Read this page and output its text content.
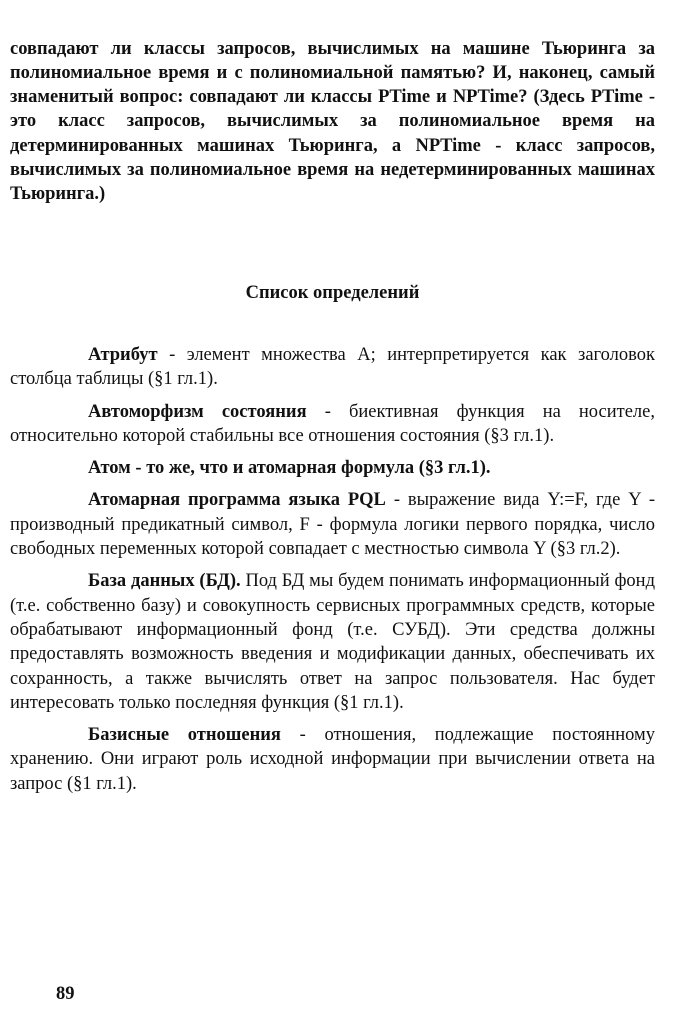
совпадают ли классы запросов, вычислимых на машине Тьюринга за полиномиальное время и с полиномиальной памятью? И, наконец, самый знаменитый вопрос: совпадают ли классы PTime и NPTime? (Здесь PTime - это класс запросов, вычислимых за полиномиальное время на детерминированных машинах Тьюринга, а NPTime - класс запросов, вычислимых за полиномиальное время на недетерминированных машинах Тьюринга.)

Список определений

Атрибут - элемент множества A; интерпретируется как заголовок столбца таблицы (§1 гл.1).

Автоморфизм состояния - биективная функция на носителе, относительно которой стабильны все отношения состояния (§3 гл.1).

Атом - то же, что и атомарная формула (§3 гл.1).

Атомарная программа языка PQL - выражение вида Y:=F, где Y - производный предикатный символ, F - формула логики первого порядка, число свободных переменных которой совпадает с местностью символа Y (§3 гл.2).

База данных (БД). Под БД мы будем понимать информационный фонд (т.е. собственно базу) и совокупность сервисных программных средств, которые обрабатывают информационный фонд (т.е. СУБД). Эти средства должны предоставлять возможность введения и модификации данных, обеспечивать их сохранность, а также вычислять ответ на запрос пользователя. Нас будет интересовать только последняя функция (§1 гл.1).

Базисные отношения - отношения, подлежащие постоянному хранению. Они играют роль исходной информации при вычислении ответа на запрос (§1 гл.1).

89
